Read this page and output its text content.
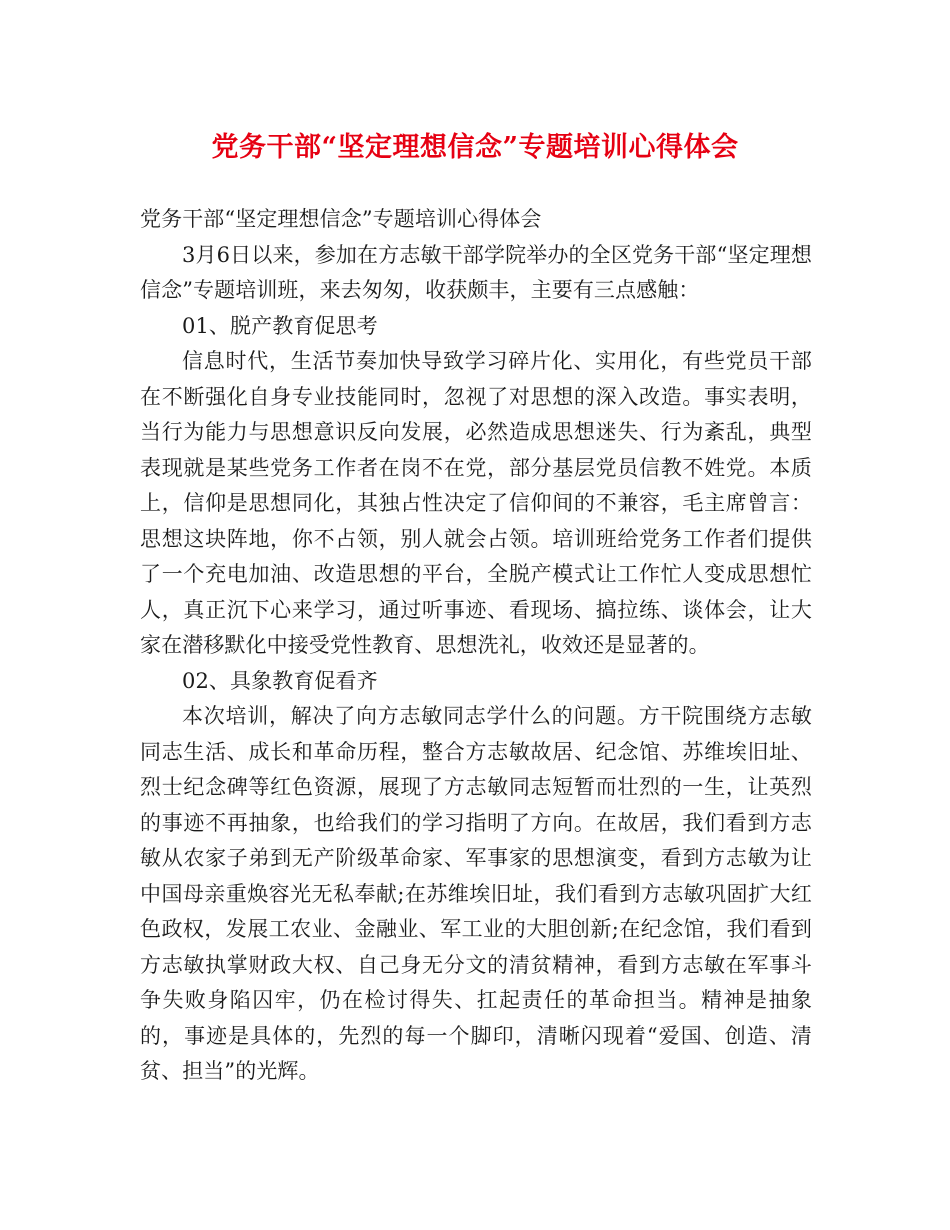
党务干部“坚定理想信念”专题培训心得体会

党务干部“坚定理想信念”专题培训心得体会

3月6日以来，参加在方志敏干部学院举办的全区党务干部“坚定理想信念”专题培训班，来去匆匆，收获颇丰，主要有三点感触：

01、脱产教育促思考

信息时代，生活节奏加快导致学习碎片化、实用化，有些党员干部在不断强化自身专业技能同时，忽视了对思想的深入改造。事实表明，当行为能力与思想意识反向发展，必然造成思想迷失、行为紊乱，典型表现就是某些党务工作者在岗不在党，部分基层党员信教不姓党。本质上，信仰是思想同化，其独占性决定了信仰间的不兼容，毛主席曾言：思想这块阵地，你不占领，别人就会占领。培训班给党务工作者们提供了一个充电加油、改造思想的平台，全脱产模式让工作忙人变成思想忙人，真正沉下心来学习，通过听事迹、看现场、搞拉练、谈体会，让大家在潜移默化中接受党性教育、思想洗礼，收效还是显著的。

02、具象教育促看齐

本次培训，解决了向方志敏同志学什么的问题。方干院围绕方志敏同志生活、成长和革命历程，整合方志敏故居、纪念馆、苏维埃旧址、烈士纪念碑等红色资源，展现了方志敏同志短暂而壮烈的一生，让英烈的事迹不再抽象，也给我们的学习指明了方向。在故居，我们看到方志敏从农家子弟到无产阶级革命家、军事家的思想演变，看到方志敏为让中国母亲重焕容光无私奉献;在苏维埃旧址，我们看到方志敏巩固扩大红色政权，发展工农业、金融业、军工业的大胆创新;在纪念馆，我们看到方志敏执掌财政大权、自己身无分文的清贫精神，看到方志敏在军事斗争失败身陷囚牢，仍在检讨得失、扛起责任的革命担当。精神是抽象的，事迹是具体的，先烈的每一个脚印，清晰闪现着“爱国、创造、清贫、担当”的光辉。
